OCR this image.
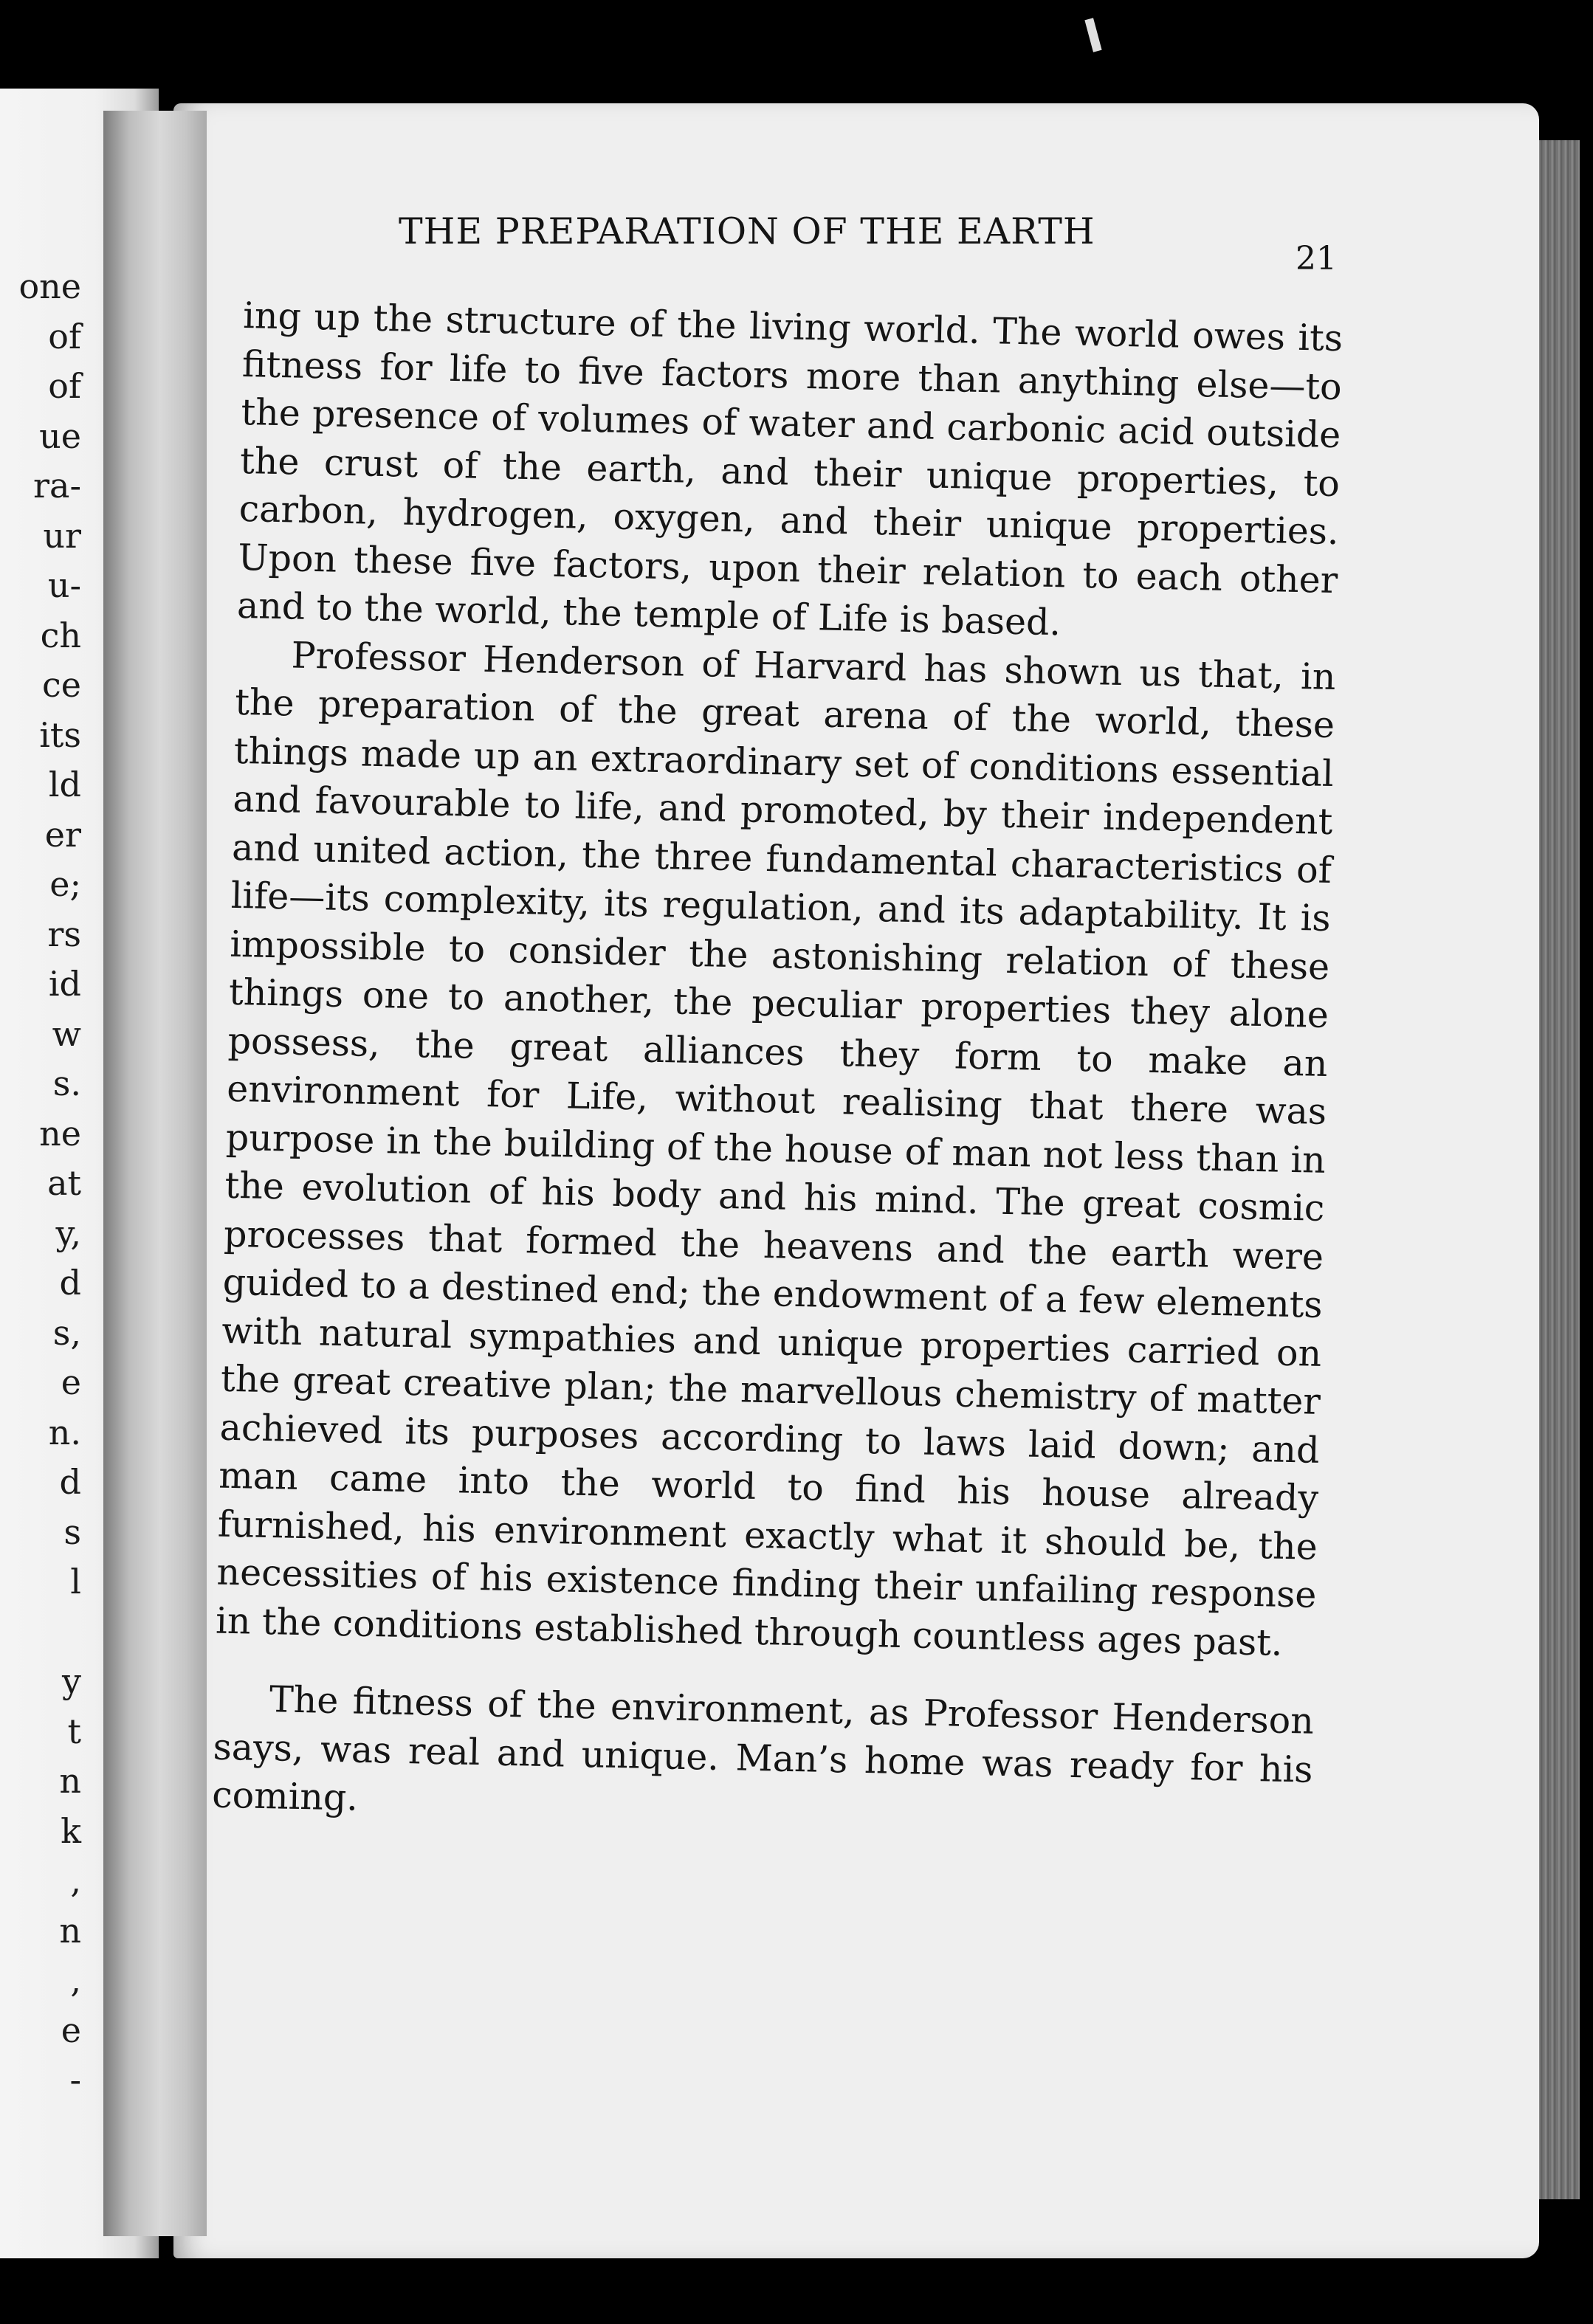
one
of
of
ue
ra-
ur
u-
ch
ce
its
ld
er
e;
rs
id
w
s.
ne
at
y,
d
s,
e
n.
d
s
l
y
t
n
k
,
n
,
e
-
THE PREPARATION OF THE EARTH
21

ing up the structure of the living world. The world owes its fitness for life to five factors more than anything else—to the presence of volumes of water and carbonic acid outside the crust of the earth, and their unique properties, to carbon, hydrogen, oxygen, and their unique properties. Upon these five factors, upon their relation to each other and to the world, the temple of Life is based.

Professor Henderson of Harvard has shown us that, in the preparation of the great arena of the world, these things made up an extraordinary set of conditions essential and favourable to life, and promoted, by their independent and united action, the three fundamental characteristics of life—its complexity, its regulation, and its adaptability. It is impossible to consider the astonishing relation of these things one to another, the peculiar properties they alone possess, the great alliances they form to make an environment for Life, without realising that there was purpose in the building of the house of man not less than in the evolution of his body and his mind. The great cosmic processes that formed the heavens and the earth were guided to a destined end; the endowment of a few elements with natural sympathies and unique properties carried on the great creative plan; the marvellous chemistry of matter achieved its purposes according to laws laid down; and man came into the world to find his house already furnished, his environment exactly what it should be, the necessities of his existence finding their unfailing response in the conditions established through countless ages past.

The fitness of the environment, as Professor Henderson says, was real and unique. Man’s home was ready for his coming.
